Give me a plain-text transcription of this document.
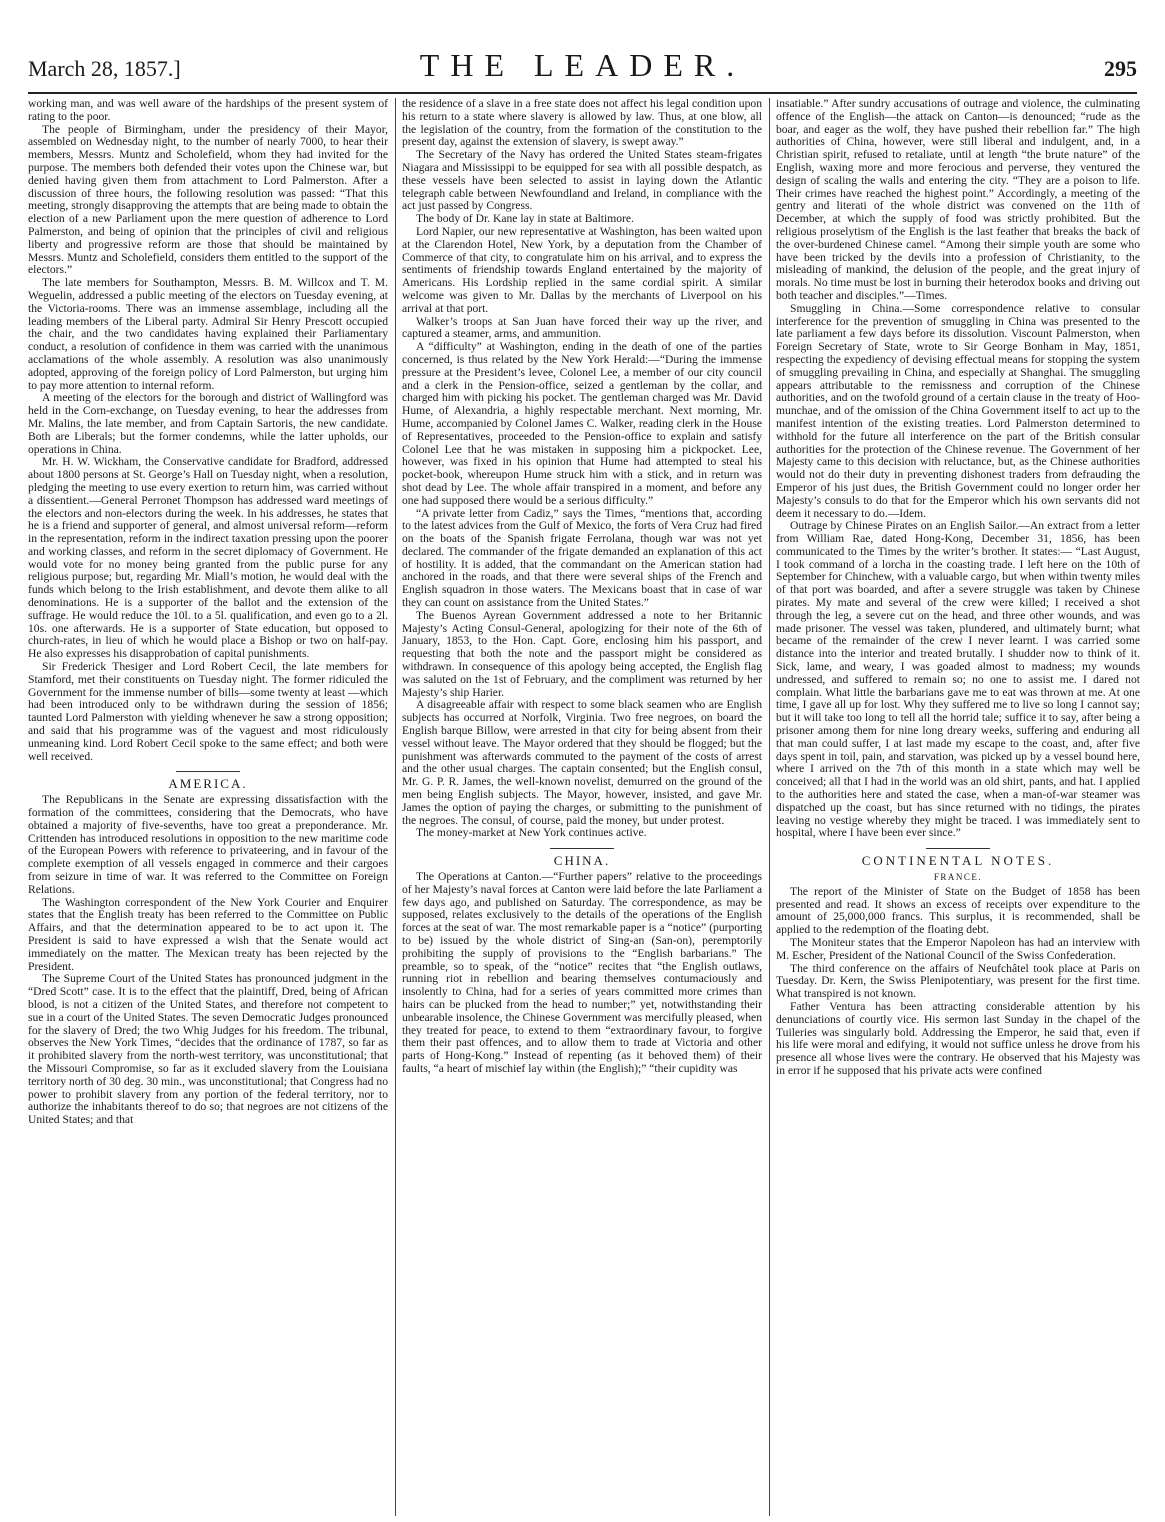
March 28, 1857.]	THE LEADER.	295

working man, and was well aware of the hardships of the present system of rating to the poor.

The people of Birmingham, under the presidency of their Mayor, assembled on Wednesday night, to the number of nearly 7000, to hear their members, Messrs. Muntz and Scholefield, whom they had invited for the purpose. The members both defended their votes upon the Chinese war, but denied having given them from attachment to Lord Palmerston. After a discussion of three hours, the following resolution was passed: “That this meeting, strongly disapproving the attempts that are being made to obtain the election of a new Parliament upon the mere question of adherence to Lord Palmerston, and being of opinion that the principles of civil and religious liberty and progressive reform are those that should be maintained by Messrs. Muntz and Scholefield, considers them entitled to the support of the electors.”

The late members for Southampton, Messrs. B. M. Willcox and T. M. Weguelin, addressed a public meeting of the electors on Tuesday evening, at the Victoria-rooms. There was an immense assemblage, including all the leading members of the Liberal party. Admiral Sir Henry Prescott occupied the chair, and the two candidates having explained their Parliamentary conduct, a resolution of confidence in them was carried with the unanimous acclamations of the whole assembly. A resolution was also unanimously adopted, approving of the foreign policy of Lord Palmerston, but urging him to pay more attention to internal reform.

A meeting of the electors for the borough and district of Wallingford was held in the Corn-exchange, on Tuesday evening, to hear the addresses from Mr. Malins, the late member, and from Captain Sartoris, the new candidate. Both are Liberals; but the former condemns, while the latter upholds, our operations in China.

Mr. H. W. Wickham, the Conservative candidate for Bradford, addressed about 1800 persons at St. George’s Hall on Tuesday night, when a resolution, pledging the meeting to use every exertion to return him, was carried without a dissentient.—General Perronet Thompson has addressed ward meetings of the electors and non-electors during the week. In his addresses, he states that he is a friend and supporter of general, and almost universal reform—reform in the representation, reform in the indirect taxation pressing upon the poorer and working classes, and reform in the secret diplomacy of Government. He would vote for no money being granted from the public purse for any religious purpose; but, regarding Mr. Miall’s motion, he would deal with the funds which belong to the Irish establishment, and devote them alike to all denominations. He is a supporter of the ballot and the extension of the suffrage. He would reduce the 10l. to a 5l. qualification, and even go to a 2l. 10s. one afterwards. He is a supporter of State education, but opposed to church-rates, in lieu of which he would place a Bishop or two on half-pay. He also expresses his disapprobation of capital punishments.

Sir Frederick Thesiger and Lord Robert Cecil, the late members for Stamford, met their constituents on Tuesday night. The former ridiculed the Government for the immense number of bills—some twenty at least —which had been introduced only to be withdrawn during the session of 1856; taunted Lord Palmerston with yielding whenever he saw a strong opposition; and said that his programme was of the vaguest and most ridiculously unmeaning kind. Lord Robert Cecil spoke to the same effect; and both were well received.

AMERICA.

The Republicans in the Senate are expressing dissatisfaction with the formation of the committees, considering that the Democrats, who have obtained a majority of five-sevenths, have too great a preponderance. Mr. Crittenden has introduced resolutions in opposition to the new maritime code of the European Powers with reference to privateering, and in favour of the complete exemption of all vessels engaged in commerce and their cargoes from seizure in time of war. It was referred to the Committee on Foreign Relations.

The Washington correspondent of the New York Courier and Enquirer states that the English treaty has been referred to the Committee on Public Affairs, and that the determination appeared to be to act upon it. The President is said to have expressed a wish that the Senate would act immediately on the matter. The Mexican treaty has been rejected by the President.

The Supreme Court of the United States has pronounced judgment in the “Dred Scott” case. It is to the effect that the plaintiff, Dred, being of African blood, is not a citizen of the United States, and therefore not competent to sue in a court of the United States. The seven Democratic Judges pronounced for the slavery of Dred; the two Whig Judges for his freedom. The tribunal, observes the New York Times, “decides that the ordinance of 1787, so far as it prohibited slavery from the north-west territory, was unconstitutional; that the Missouri Compromise, so far as it excluded slavery from the Louisiana territory north of 30 deg. 30 min., was unconstitutional; that Congress had no power to prohibit slavery from any portion of the federal territory, nor to authorize the inhabitants thereof to do so; that negroes are not citizens of the United States; and that

the residence of a slave in a free state does not affect his legal condition upon his return to a state where slavery is allowed by law. Thus, at one blow, all the legislation of the country, from the formation of the constitution to the present day, against the extension of slavery, is swept away.”

The Secretary of the Navy has ordered the United States steam-frigates Niagara and Mississippi to be equipped for sea with all possible despatch, as these vessels have been selected to assist in laying down the Atlantic telegraph cable between Newfoundland and Ireland, in compliance with the act just passed by Congress.

The body of Dr. Kane lay in state at Baltimore.

Lord Napier, our new representative at Washington, has been waited upon at the Clarendon Hotel, New York, by a deputation from the Chamber of Commerce of that city, to congratulate him on his arrival, and to express the sentiments of friendship towards England entertained by the majority of Americans. His Lordship replied in the same cordial spirit. A similar welcome was given to Mr. Dallas by the merchants of Liverpool on his arrival at that port.

Walker’s troops at San Juan have forced their way up the river, and captured a steamer, arms, and ammunition.

A “difficulty” at Washington, ending in the death of one of the parties concerned, is thus related by the New York Herald:—“During the immense pressure at the President’s levee, Colonel Lee, a member of our city council and a clerk in the Pension-office, seized a gentleman by the collar, and charged him with picking his pocket. The gentleman charged was Mr. David Hume, of Alexandria, a highly respectable merchant. Next morning, Mr. Hume, accompanied by Colonel James C. Walker, reading clerk in the House of Representatives, proceeded to the Pension-office to explain and satisfy Colonel Lee that he was mistaken in supposing him a pickpocket. Lee, however, was fixed in his opinion that Hume had attempted to steal his pocket-book, whereupon Hume struck him with a stick, and in return was shot dead by Lee. The whole affair transpired in a moment, and before any one had supposed there would be a serious difficulty.”

“A private letter from Cadiz,” says the Times, “mentions that, according to the latest advices from the Gulf of Mexico, the forts of Vera Cruz had fired on the boats of the Spanish frigate Ferrolana, though war was not yet declared. The commander of the frigate demanded an explanation of this act of hostility. It is added, that the commandant on the American station had anchored in the roads, and that there were several ships of the French and English squadron in those waters. The Mexicans boast that in case of war they can count on assistance from the United States.”

The Buenos Ayrean Government addressed a note to her Britannic Majesty’s Acting Consul-General, apologizing for their note of the 6th of January, 1853, to the Hon. Capt. Gore, enclosing him his passport, and requesting that both the note and the passport might be considered as withdrawn. In consequence of this apology being accepted, the English flag was saluted on the 1st of February, and the compliment was returned by her Majesty’s ship Harier.

A disagreeable affair with respect to some black seamen who are English subjects has occurred at Norfolk, Virginia. Two free negroes, on board the English barque Billow, were arrested in that city for being absent from their vessel without leave. The Mayor ordered that they should be flogged; but the punishment was afterwards commuted to the payment of the costs of arrest and the other usual charges. The captain consented; but the English consul, Mr. G. P. R. James, the well-known novelist, demurred on the ground of the men being English subjects. The Mayor, however, insisted, and gave Mr. James the option of paying the charges, or submitting to the punishment of the negroes. The consul, of course, paid the money, but under protest.

The money-market at New York continues active.

CHINA.

The Operations at Canton.—“Further papers” relative to the proceedings of her Majesty’s naval forces at Canton were laid before the late Parliament a few days ago, and published on Saturday. The correspondence, as may be supposed, relates exclusively to the details of the operations of the English forces at the seat of war. The most remarkable paper is a “notice” (purporting to be) issued by the whole district of Sing-an (San-on), peremptorily prohibiting the supply of provisions to the “English barbarians.” The preamble, so to speak, of the “notice” recites that “the English outlaws, running riot in rebellion and bearing themselves contumaciously and insolently to China, had for a series of years committed more crimes than hairs can be plucked from the head to number;” yet, notwithstanding their unbearable insolence, the Chinese Government was mercifully pleased, when they treated for peace, to extend to them “extraordinary favour, to forgive them their past offences, and to allow them to trade at Victoria and other parts of Hong-Kong.” Instead of repenting (as it behoved them) of their faults, “a heart of mischief lay within (the English);” “their cupidity was

insatiable.” After sundry accusations of outrage and violence, the culminating offence of the English—the attack on Canton—is denounced; “rude as the boar, and eager as the wolf, they have pushed their rebellion far.” The high authorities of China, however, were still liberal and indulgent, and, in a Christian spirit, refused to retaliate, until at length “the brute nature” of the English, waxing more and more ferocious and perverse, they ventured the design of scaling the walls and entering the city. “They are a poison to life. Their crimes have reached the highest point.” Accordingly, a meeting of the gentry and literati of the whole district was convened on the 11th of December, at which the supply of food was strictly prohibited. But the religious proselytism of the English is the last feather that breaks the back of the over-burdened Chinese camel. “Among their simple youth are some who have been tricked by the devils into a profession of Christianity, to the misleading of mankind, the delusion of the people, and the great injury of morals. No time must be lost in burning their heterodox books and driving out both teacher and disciples.”—Times.

Smuggling in China.—Some correspondence relative to consular interference for the prevention of smuggling in China was presented to the late parliament a few days before its dissolution. Viscount Palmerston, when Foreign Secretary of State, wrote to Sir George Bonham in May, 1851, respecting the expediency of devising effectual means for stopping the system of smuggling prevailing in China, and especially at Shanghai. The smuggling appears attributable to the remissness and corruption of the Chinese authorities, and on the twofold ground of a certain clause in the treaty of Hoo-munchae, and of the omission of the China Government itself to act up to the manifest intention of the existing treaties. Lord Palmerston determined to withhold for the future all interference on the part of the British consular authorities for the protection of the Chinese revenue. The Government of her Majesty came to this decision with reluctance, but, as the Chinese authorities would not do their duty in preventing dishonest traders from defrauding the Emperor of his just dues, the British Government could no longer order her Majesty’s consuls to do that for the Emperor which his own servants did not deem it necessary to do.—Idem.

Outrage by Chinese Pirates on an English Sailor.—An extract from a letter from William Rae, dated Hong-Kong, December 31, 1856, has been communicated to the Times by the writer’s brother. It states:— “Last August, I took command of a lorcha in the coasting trade. I left here on the 10th of September for Chinchew, with a valuable cargo, but when within twenty miles of that port was boarded, and after a severe struggle was taken by Chinese pirates. My mate and several of the crew were killed; I received a shot through the leg, a severe cut on the head, and three other wounds, and was made prisoner. The vessel was taken, plundered, and ultimately burnt; what became of the remainder of the crew I never learnt. I was carried some distance into the interior and treated brutally. I shudder now to think of it. Sick, lame, and weary, I was goaded almost to madness; my wounds undressed, and suffered to remain so; no one to assist me. I dared not complain. What little the barbarians gave me to eat was thrown at me. At one time, I gave all up for lost. Why they suffered me to live so long I cannot say; but it will take too long to tell all the horrid tale; suffice it to say, after being a prisoner among them for nine long dreary weeks, suffering and enduring all that man could suffer, I at last made my escape to the coast, and, after five days spent in toil, pain, and starvation, was picked up by a vessel bound here, where I arrived on the 7th of this month in a state which may well be conceived; all that I had in the world was an old shirt, pants, and hat. I applied to the authorities here and stated the case, when a man-of-war steamer was dispatched up the coast, but has since returned with no tidings, the pirates leaving no vestige whereby they might be traced. I was immediately sent to hospital, where I have been ever since.”

CONTINENTAL NOTES.
FRANCE.

The report of the Minister of State on the Budget of 1858 has been presented and read. It shows an excess of receipts over expenditure to the amount of 25,000,000 francs. This surplus, it is recommended, shall be applied to the redemption of the floating debt.

The Moniteur states that the Emperor Napoleon has had an interview with M. Escher, President of the National Council of the Swiss Confederation.

The third conference on the affairs of Neufchâtel took place at Paris on Tuesday. Dr. Kern, the Swiss Plenipotentiary, was present for the first time. What transpired is not known.

Father Ventura has been attracting considerable attention by his denunciations of courtly vice. His sermon last Sunday in the chapel of the Tuileries was singularly bold. Addressing the Emperor, he said that, even if his life were moral and edifying, it would not suffice unless he drove from his presence all whose lives were the contrary. He observed that his Majesty was in error if he supposed that his private acts were confined
